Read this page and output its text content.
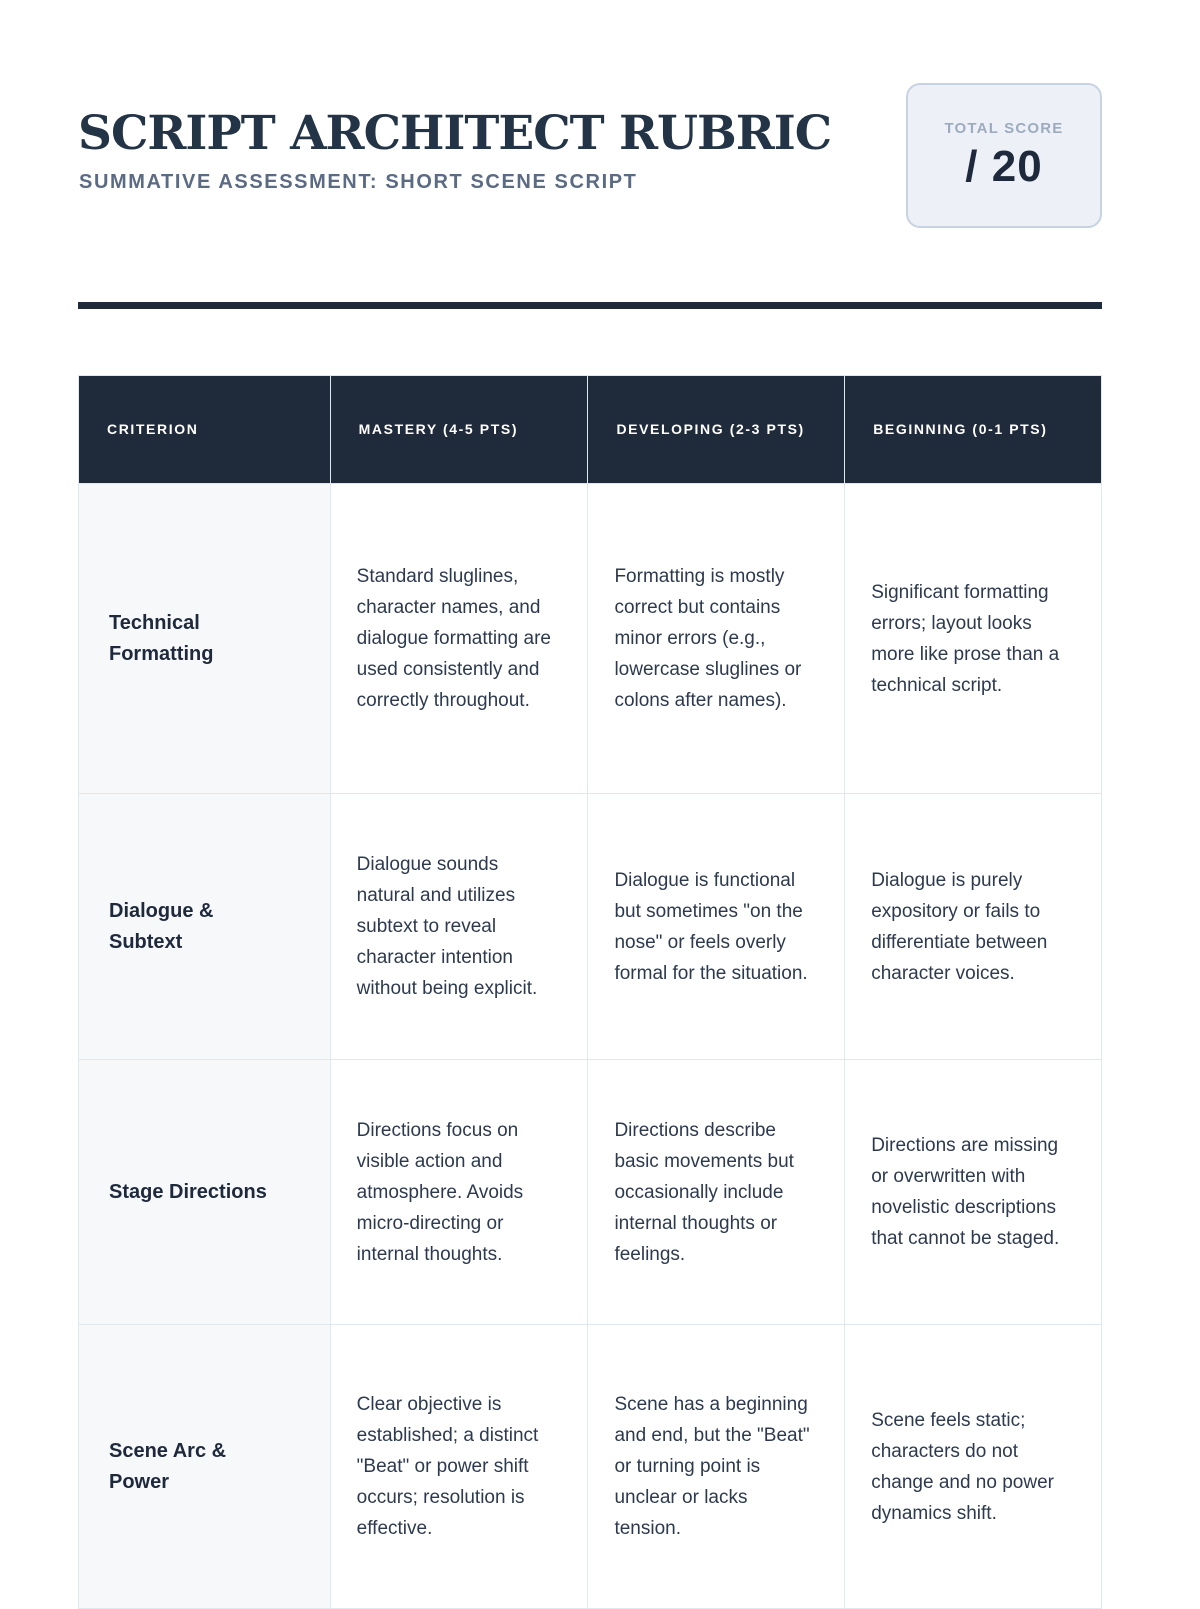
SCRIPT ARCHITECT RUBRIC
SUMMATIVE ASSESSMENT: SHORT SCENE SCRIPT
TOTAL SCORE
/ 20
CRITERION	MASTERY (4-5 PTS)	DEVELOPING (2-3 PTS)	BEGINNING (0-1 PTS)
Technical Formatting	Standard sluglines, character names, and dialogue formatting are used consistently and correctly throughout.	Formatting is mostly correct but contains minor errors (e.g., lowercase sluglines or colons after names).	Significant formatting errors; layout looks more like prose than a technical script.
Dialogue & Subtext	Dialogue sounds natural and utilizes subtext to reveal character intention without being explicit.	Dialogue is functional but sometimes "on the nose" or feels overly formal for the situation.	Dialogue is purely expository or fails to differentiate between character voices.
Stage Directions	Directions focus on visible action and atmosphere. Avoids micro-directing or internal thoughts.	Directions describe basic movements but occasionally include internal thoughts or feelings.	Directions are missing or overwritten with novelistic descriptions that cannot be staged.
Scene Arc & Power	Clear objective is established; a distinct "Beat" or power shift occurs; resolution is effective.	Scene has a beginning and end, but the "Beat" or turning point is unclear or lacks tension.	Scene feels static; characters do not change and no power dynamics shift.
